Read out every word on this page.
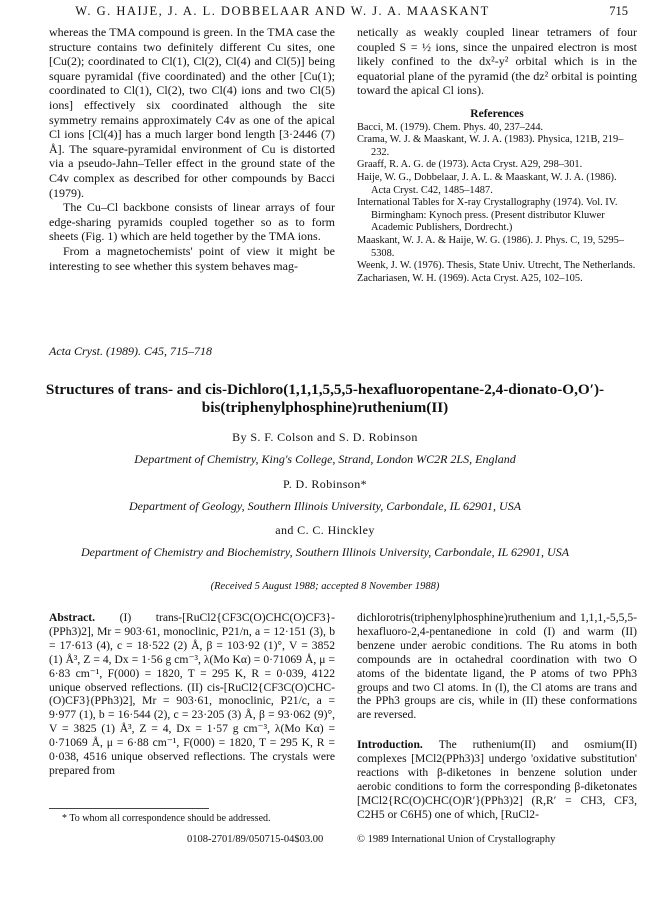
W. G. HAIJE, J. A. L. DOBBELAAR AND W. J. A. MAASKANT	715

whereas the TMA compound is green. In the TMA case the structure contains two definitely different Cu sites, one [Cu(2); coordinated to Cl(1), Cl(2), Cl(4) and Cl(5)] being square pyramidal (five coordinated) and the other [Cu(1); coordinated to Cl(1), Cl(2), two Cl(4) ions and two Cl(5) ions] effectively six coordinated although the site symmetry remains approximately C4v as one of the apical Cl ions [Cl(4)] has a much larger bond length [3·2446 (7) Å]. The square-pyramidal environment of Cu is distorted via a pseudo-Jahn–Teller effect in the ground state of the C4v complex as described for other compounds by Bacci (1979).

The Cu–Cl backbone consists of linear arrays of four edge-sharing pyramids coupled together so as to form sheets (Fig. 1) which are held together by the TMA ions.

From a magnetochemists' point of view it might be interesting to see whether this system behaves mag-

netically as weakly coupled linear tetramers of four coupled S = ½ ions, since the unpaired electron is most likely confined to the dx²-y² orbital which is in the equatorial plane of the pyramid (the dz² orbital is pointing toward the apical Cl ions).

References

Bacci, M. (1979). Chem. Phys. 40, 237–244.

Crama, W. J. & Maaskant, W. J. A. (1983). Physica, 121B, 219–232.

Graaff, R. A. G. de (1973). Acta Cryst. A29, 298–301.

Haije, W. G., Dobbelaar, J. A. L. & Maaskant, W. J. A. (1986). Acta Cryst. C42, 1485–1487.

International Tables for X-ray Crystallography (1974). Vol. IV. Birmingham: Kynoch press. (Present distributor Kluwer Academic Publishers, Dordrecht.)

Maaskant, W. J. A. & Haije, W. G. (1986). J. Phys. C, 19, 5295–5308.

Weenk, J. W. (1976). Thesis, State Univ. Utrecht, The Netherlands.

Zachariasen, W. H. (1969). Acta Cryst. A25, 102–105.

Acta Cryst. (1989). C45, 715–718
Structures of trans- and cis-Dichloro(1,1,1,5,5,5-hexafluoropentane-2,4-dionato-O,O′)-bis(triphenylphosphine)ruthenium(II)
By S. F. Colson and S. D. Robinson
Department of Chemistry, King's College, Strand, London WC2R 2LS, England
P. D. Robinson*
Department of Geology, Southern Illinois University, Carbondale, IL 62901, USA
and C. C. Hinckley
Department of Chemistry and Biochemistry, Southern Illinois University, Carbondale, IL 62901, USA
(Received 5 August 1988; accepted 8 November 1988)

Abstract. (I) trans-[RuCl2{CF3C(O)CHC(O)CF3}-(PPh3)2], Mr = 903·61, monoclinic, P21/n, a = 12·151 (3), b = 17·613 (4), c = 18·522 (2) Å, β = 103·92 (1)°, V = 3852 (1) Å³, Z = 4, Dx = 1·56 g cm⁻³, λ(Mo Kα) = 0·71069 Å, μ = 6·83 cm⁻¹, F(000) = 1820, T = 295 K, R = 0·039, 4122 unique observed reflections. (II) cis-[RuCl2{CF3C(O)CHC-(O)CF3}(PPh3)2], Mr = 903·61, monoclinic, P21/c, a = 9·977 (1), b = 16·544 (2), c = 23·205 (3) Å, β = 93·062 (9)°, V = 3825 (1) Å³, Z = 4, Dx = 1·57 g cm⁻³, λ(Mo Kα) = 0·71069 Å, μ = 6·88 cm⁻¹, F(000) = 1820, T = 295 K, R = 0·038, 4516 unique observed reflections. The crystals were prepared from

dichlorotris(triphenylphosphine)ruthenium and 1,1,1,-5,5,5-hexafluoro-2,4-pentanedione in cold (I) and warm (II) benzene under aerobic conditions. The Ru atoms in both compounds are in octahedral coordination with two O atoms of the bidentate ligand, the P atoms of two PPh3 groups and two Cl atoms. In (I), the Cl atoms are trans and the PPh3 groups are cis, while in (II) these conformations are reversed.

Introduction. The ruthenium(II) and osmium(II) complexes [MCl2(PPh3)3] undergo 'oxidative substitution' reactions with β-diketones in benzene solution under aerobic conditions to form the corresponding β-diketonates [MCl2{RC(O)CHC(O)R′}(PPh3)2] (R,R′ = CH3, CF3, C2H5 or C6H5) one of which, [RuCl2-

* To whom all correspondence should be addressed.
0108-2701/89/050715-04$03.00	© 1989 International Union of Crystallography
